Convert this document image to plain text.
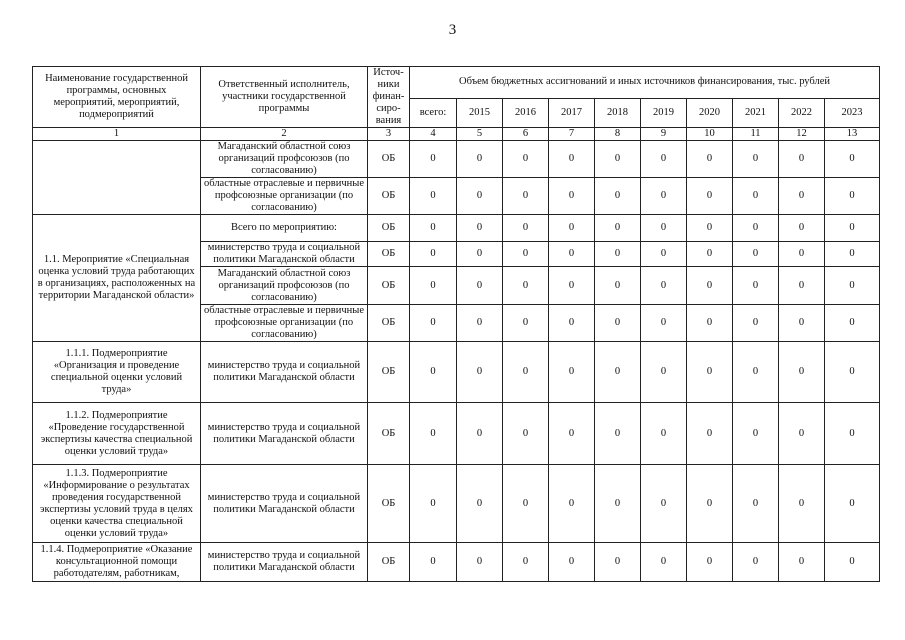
3
Наименование государственной программы, основных мероприятий, мероприятий, подмероприятий	Ответственный исполнитель, участники государственной программы	Источ-ники финан-сиро-вания	Объем бюджетных ассигнований и иных источников финансирования, тыс. рублей									
			всего:	2015	2016	2017	2018	2019	2020	2021	2022	2023
1	2	3	4	5	6	7	8	9	10	11	12	13
	Магаданский областной союз организаций профсоюзов (по согласованию)	ОБ	0	0	0	0	0	0	0	0	0	0
	областные отраслевые и первичные профсоюзные организации (по согласованию)	ОБ	0	0	0	0	0	0	0	0	0	0
1.1. Мероприятие «Специальная оценка условий труда работающих в организациях, расположенных на территории Магаданской области»	Всего по мероприятию:	ОБ	0	0	0	0	0	0	0	0	0	0
	министерство труда и социальной политики Магаданской области	ОБ	0	0	0	0	0	0	0	0	0	0
	Магаданский областной союз организаций профсоюзов (по согласованию)	ОБ	0	0	0	0	0	0	0	0	0	0
	областные отраслевые и первичные профсоюзные организации (по согласованию)	ОБ	0	0	0	0	0	0	0	0	0	0
1.1.1. Подмероприятие «Организация и проведение специальной оценки условий труда»	министерство труда и социальной политики Магаданской области	ОБ	0	0	0	0	0	0	0	0	0	0
1.1.2. Подмероприятие «Проведение государственной экспертизы качества специальной оценки условий труда»	министерство труда и социальной политики Магаданской области	ОБ	0	0	0	0	0	0	0	0	0	0
1.1.3. Подмероприятие «Информирование о результатах проведения государственной экспертизы условий труда в целях оценки качества специальной оценки условий труда»	министерство труда и социальной политики Магаданской области	ОБ	0	0	0	0	0	0	0	0	0	0
1.1.4. Подмероприятие «Оказание консультационной помощи работодателям, работникам,	министерство труда и социальной политики Магаданской области	ОБ	0	0	0	0	0	0	0	0	0	0
